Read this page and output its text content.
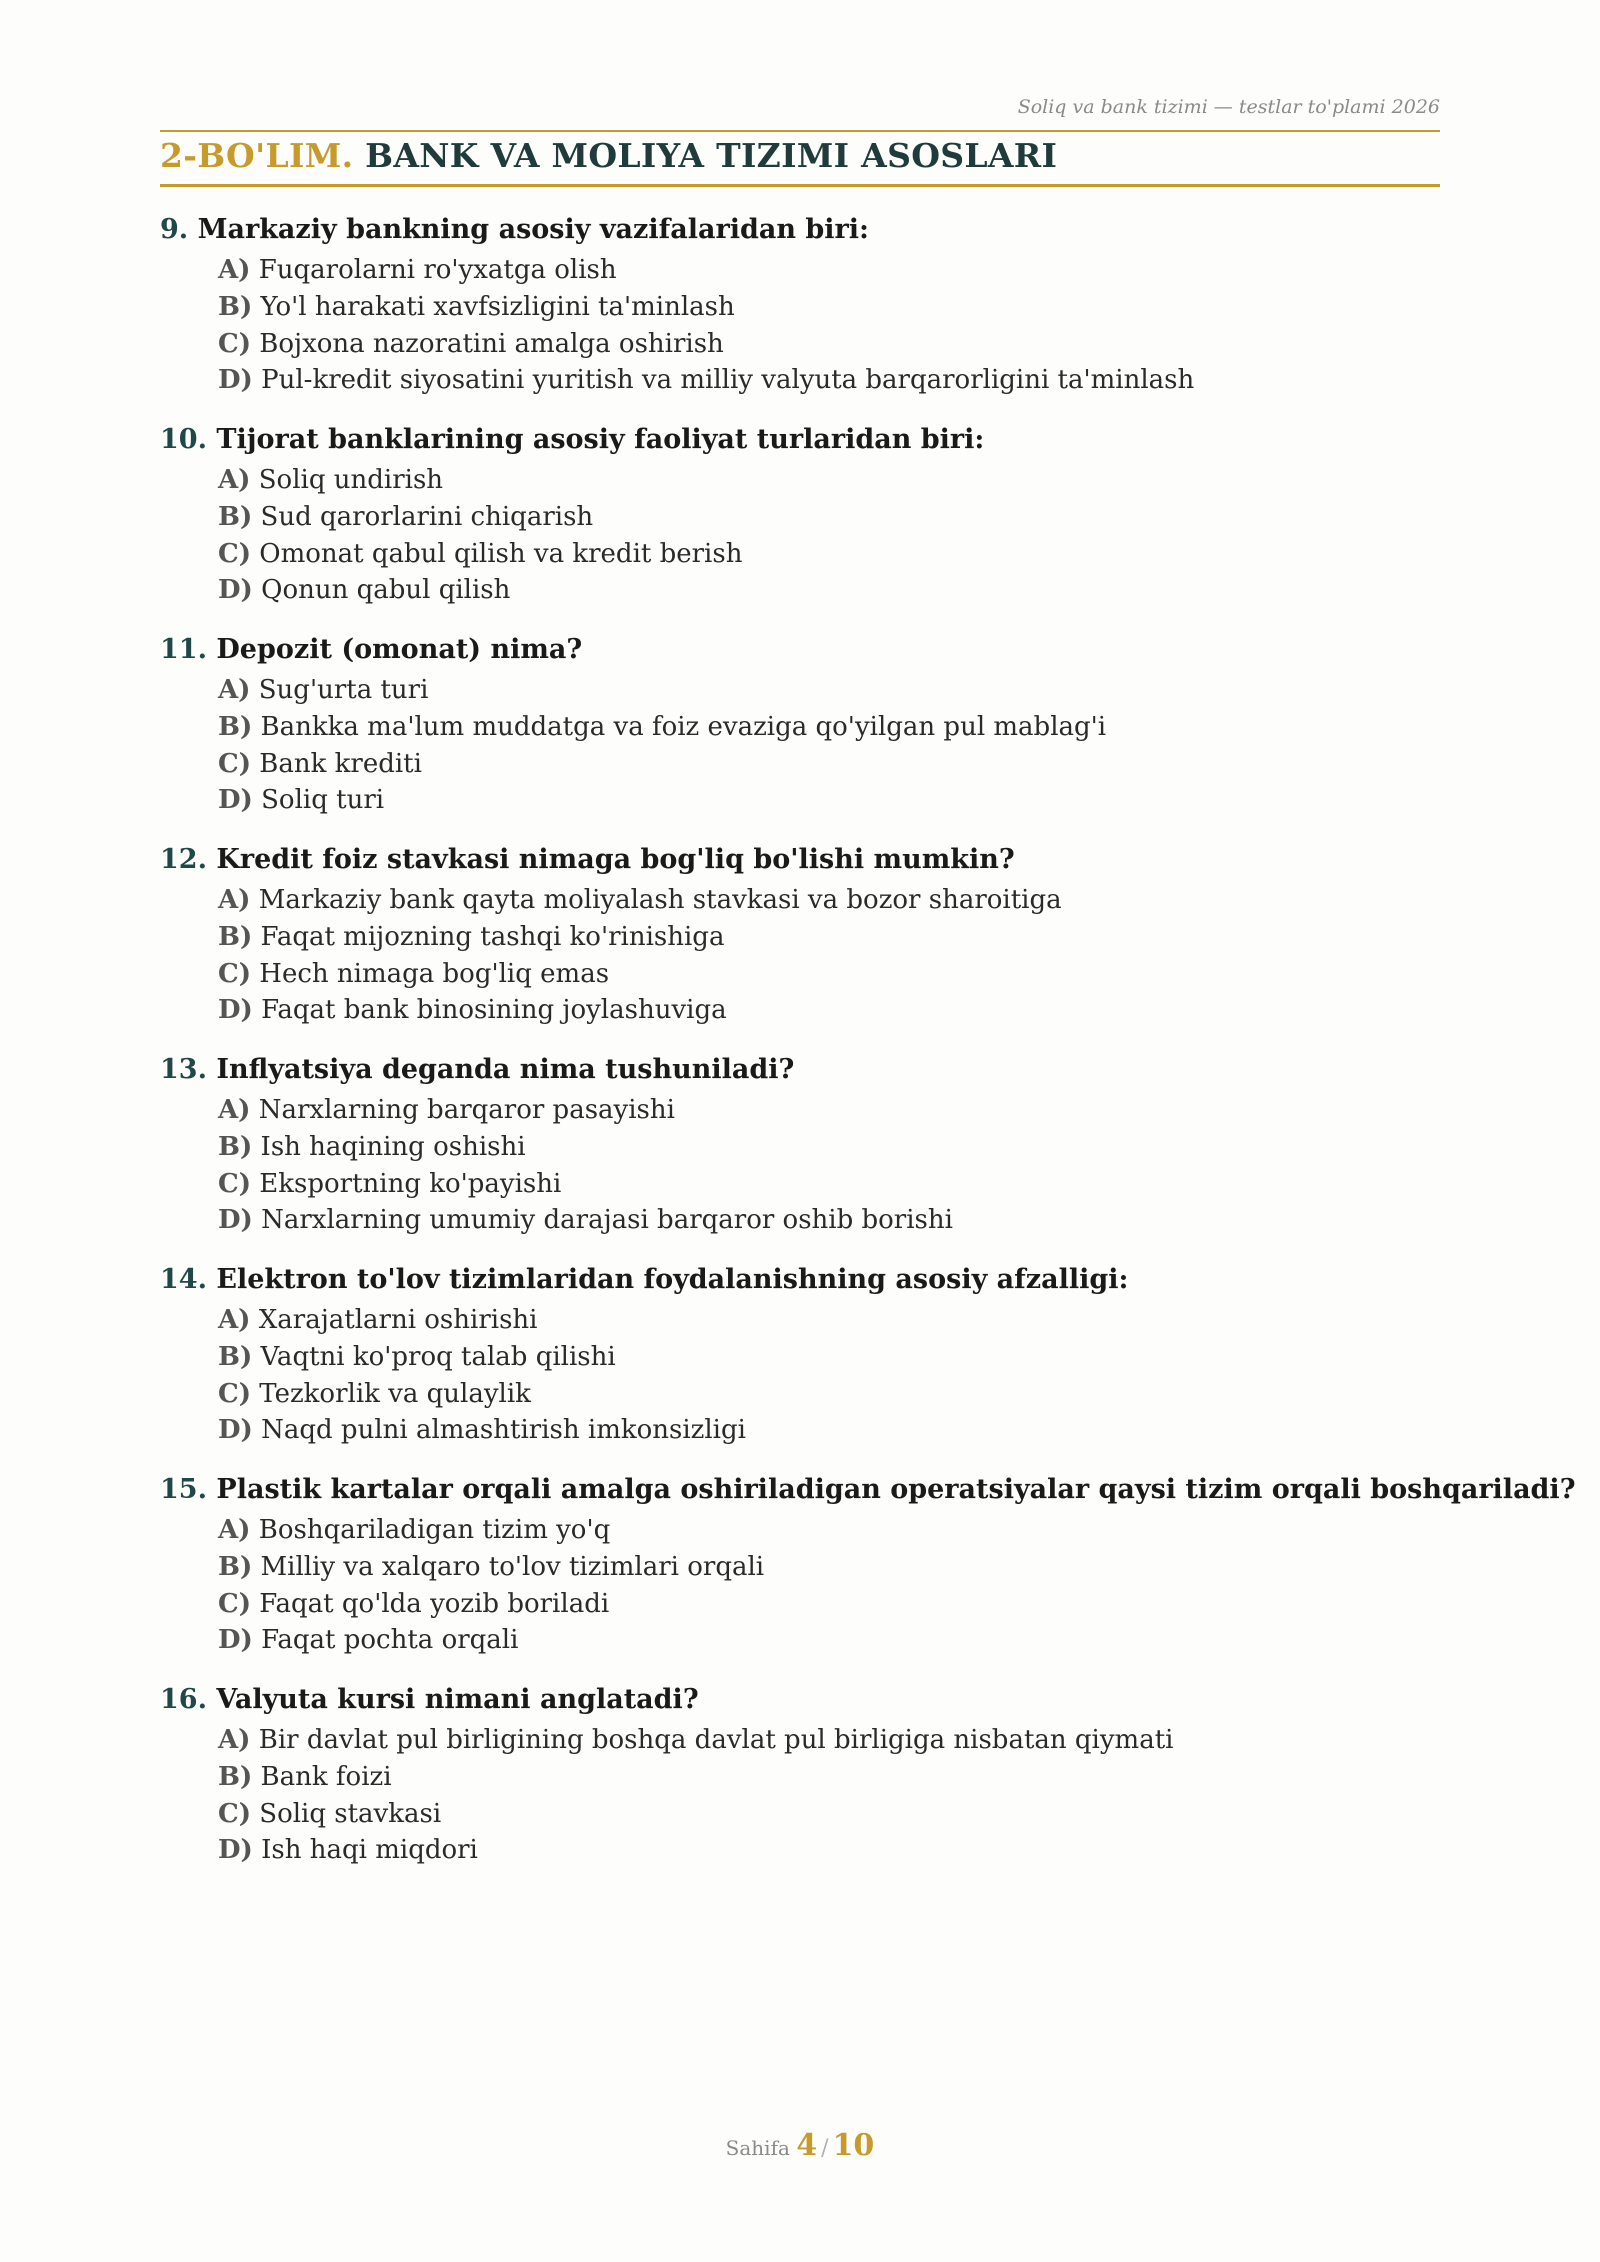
Soliq va bank tizimi — testlar to'plami 2026
2-BO'LIM. BANK VA MOLIYA TIZIMI ASOSLARI
9. Markaziy bankning asosiy vazifalaridan biri:
A) Fuqarolarni ro'yxatga olish
B) Yo'l harakati xavfsizligini ta'minlash
C) Bojxona nazoratini amalga oshirish
D) Pul-kredit siyosatini yuritish va milliy valyuta barqarorligini ta'minlash
10. Tijorat banklarining asosiy faoliyat turlaridan biri:
A) Soliq undirish
B) Sud qarorlarini chiqarish
C) Omonat qabul qilish va kredit berish
D) Qonun qabul qilish
11. Depozit (omonat) nima?
A) Sug'urta turi
B) Bankka ma'lum muddatga va foiz evaziga qo'yilgan pul mablag'i
C) Bank krediti
D) Soliq turi
12. Kredit foiz stavkasi nimaga bog'liq bo'lishi mumkin?
A) Markaziy bank qayta moliyalash stavkasi va bozor sharoitiga
B) Faqat mijozning tashqi ko'rinishiga
C) Hech nimaga bog'liq emas
D) Faqat bank binosining joylashuviga
13. Inflyatsiya deganda nima tushuniladi?
A) Narxlarning barqaror pasayishi
B) Ish haqining oshishi
C) Eksportning ko'payishi
D) Narxlarning umumiy darajasi barqaror oshib borishi
14. Elektron to'lov tizimlaridan foydalanishning asosiy afzalligi:
A) Xarajatlarni oshirishi
B) Vaqtni ko'proq talab qilishi
C) Tezkorlik va qulaylik
D) Naqd pulni almashtirish imkonsizligi
15. Plastik kartalar orqali amalga oshiriladigan operatsiyalar qaysi tizim orqali boshqariladi?
A) Boshqariladigan tizim yo'q
B) Milliy va xalqaro to'lov tizimlari orqali
C) Faqat qo'lda yozib boriladi
D) Faqat pochta orqali
16. Valyuta kursi nimani anglatadi?
A) Bir davlat pul birligining boshqa davlat pul birligiga nisbatan qiymati
B) Bank foizi
C) Soliq stavkasi
D) Ish haqi miqdori
Sahifa 4 / 10
